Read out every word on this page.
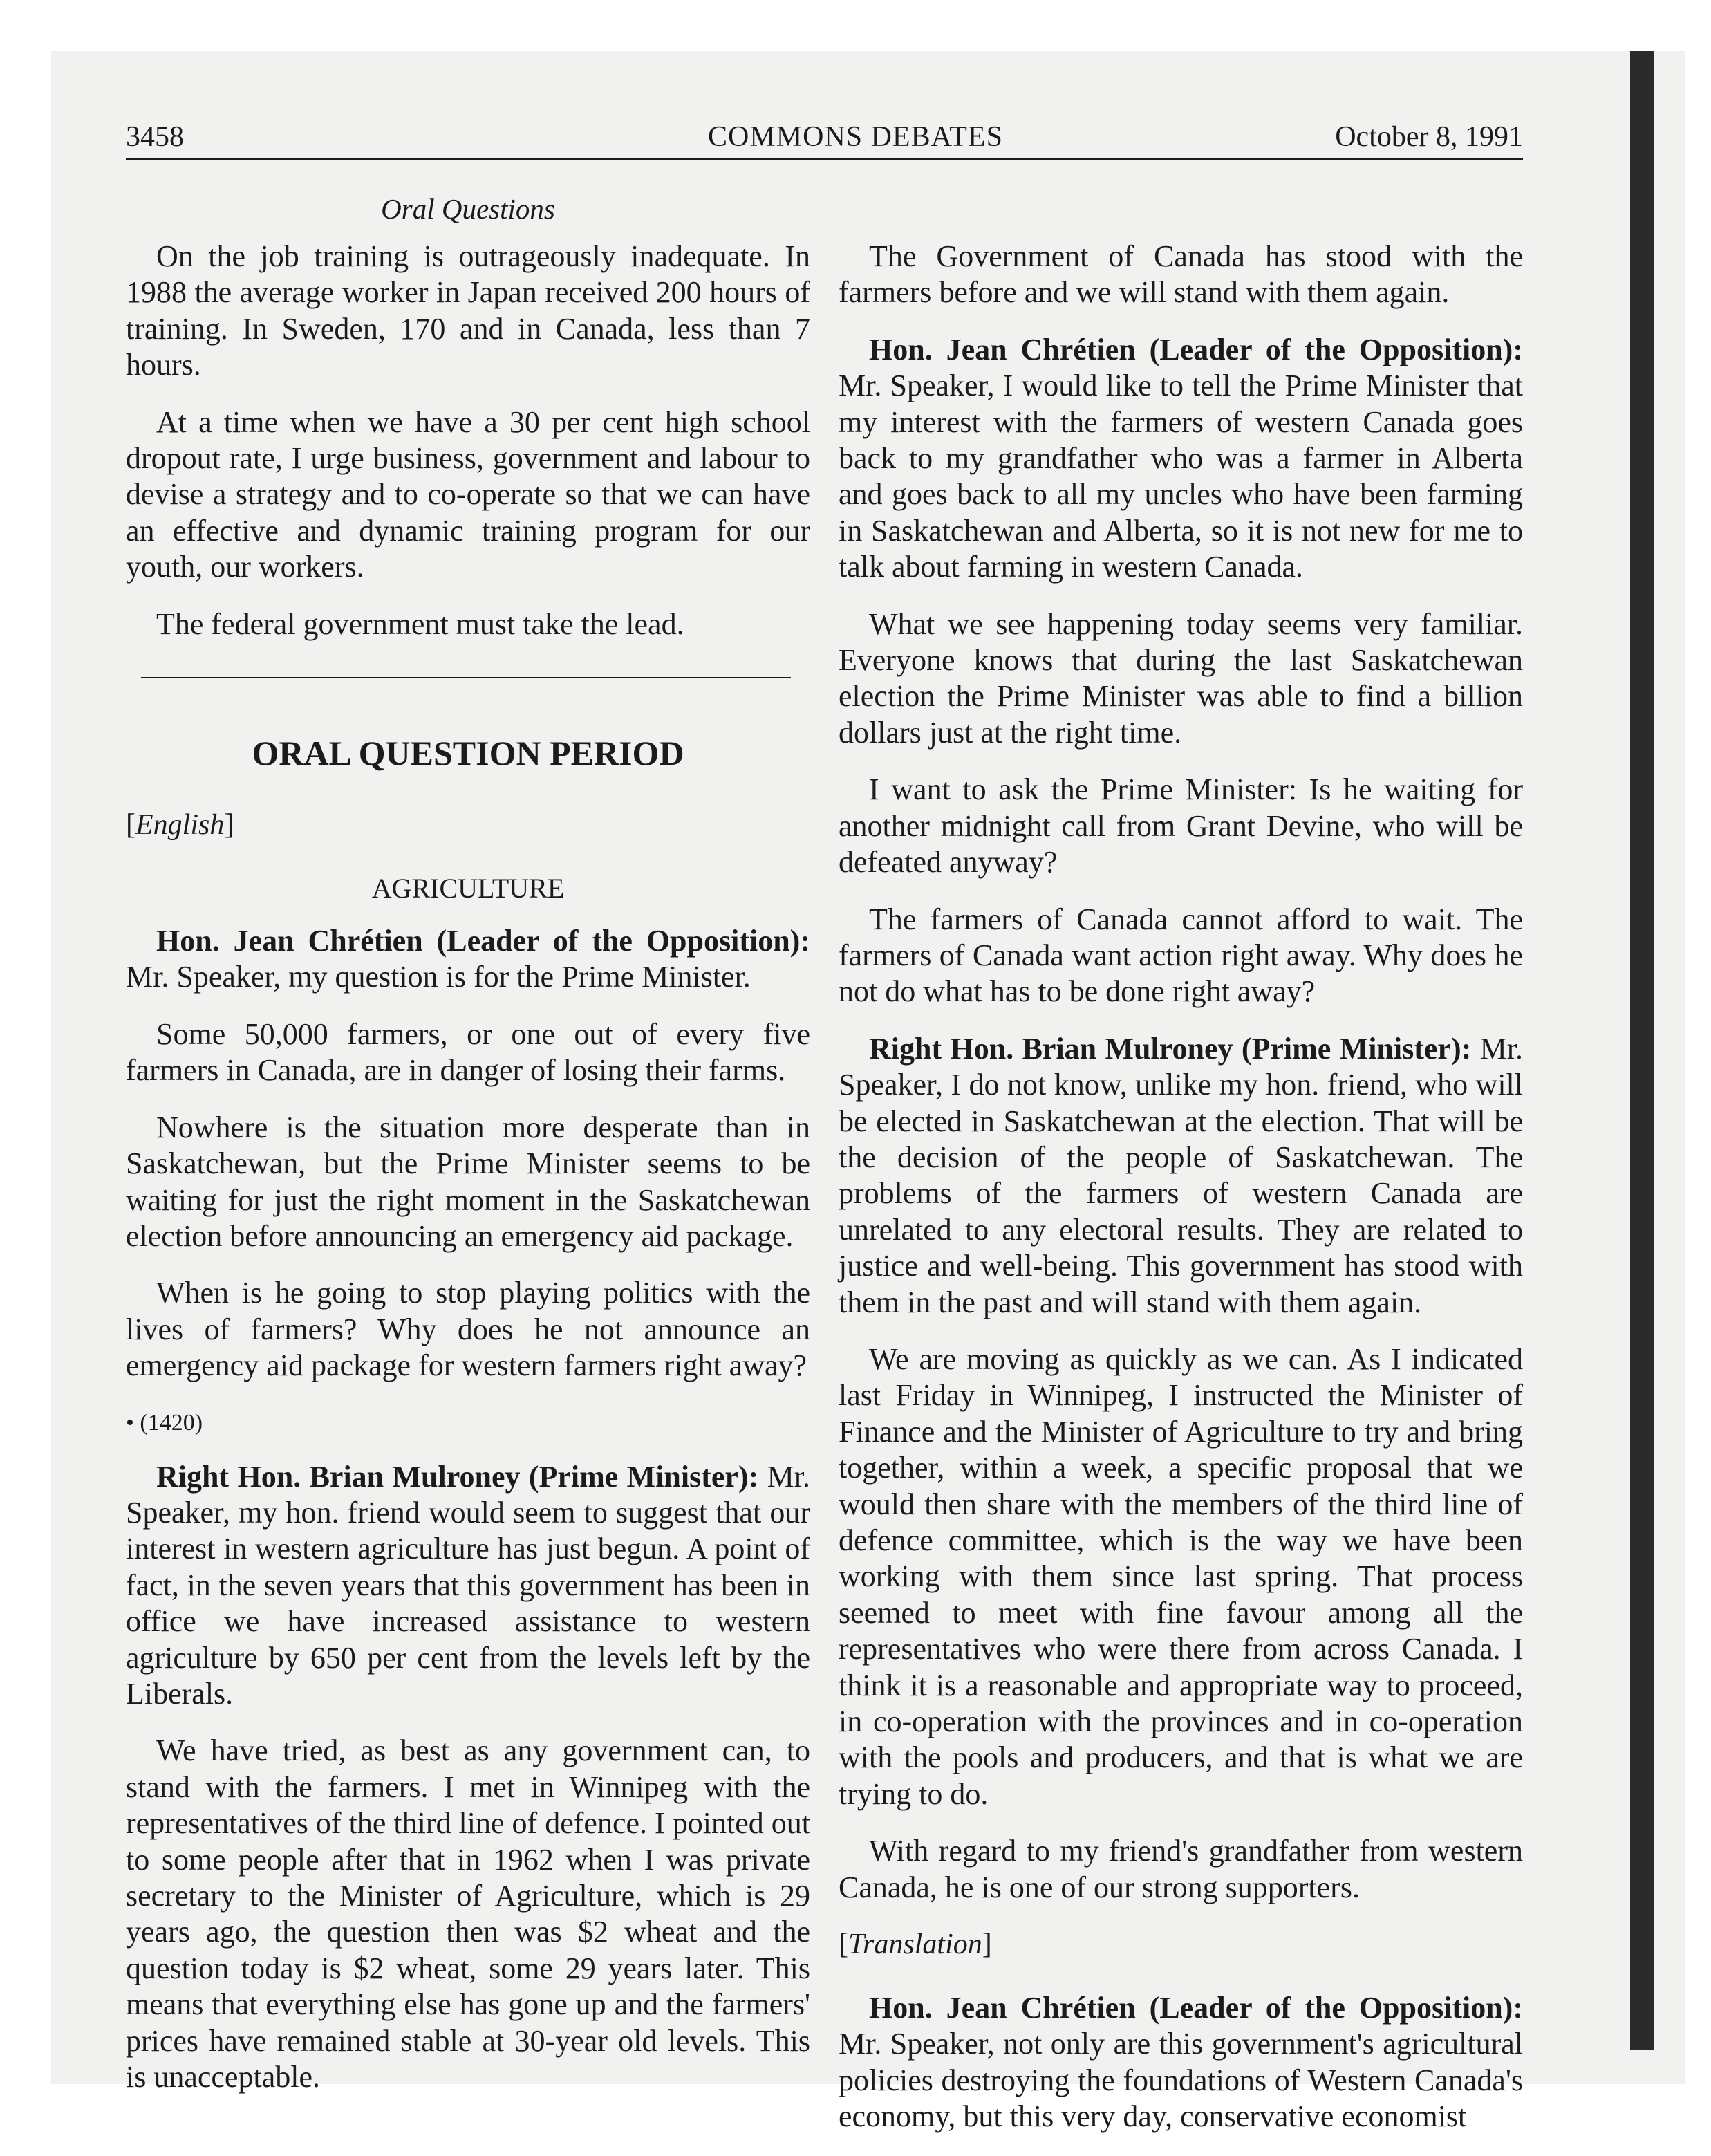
3458	COMMONS DEBATES	October 8, 1991
Oral Questions

On the job training is outrageously inadequate. In 1988 the average worker in Japan received 200 hours of training. In Sweden, 170 and in Canada, less than 7 hours.

At a time when we have a 30 per cent high school dropout rate, I urge business, government and labour to devise a strategy and to co-operate so that we can have an effective and dynamic training program for our youth, our workers.

The federal government must take the lead.

ORAL QUESTION PERIOD
[English]
AGRICULTURE

Hon. Jean Chrétien (Leader of the Opposition): Mr. Speaker, my question is for the Prime Minister.

Some 50,000 farmers, or one out of every five farmers in Canada, are in danger of losing their farms.

Nowhere is the situation more desperate than in Saskatchewan, but the Prime Minister seems to be waiting for just the right moment in the Saskatchewan election before announcing an emergency aid package.

When is he going to stop playing politics with the lives of farmers? Why does he not announce an emergency aid package for western farmers right away?

• (1420)

Right Hon. Brian Mulroney (Prime Minister): Mr. Speaker, my hon. friend would seem to suggest that our interest in western agriculture has just begun. A point of fact, in the seven years that this government has been in office we have increased assistance to western agriculture by 650 per cent from the levels left by the Liberals.

We have tried, as best as any government can, to stand with the farmers. I met in Winnipeg with the representatives of the third line of defence. I pointed out to some people after that in 1962 when I was private secretary to the Minister of Agriculture, which is 29 years ago, the question then was $2 wheat and the question today is $2 wheat, some 29 years later. This means that everything else has gone up and the farmers' prices have remained stable at 30-year old levels. This is unacceptable.

The Government of Canada has stood with the farmers before and we will stand with them again.

Hon. Jean Chrétien (Leader of the Opposition): Mr. Speaker, I would like to tell the Prime Minister that my interest with the farmers of western Canada goes back to my grandfather who was a farmer in Alberta and goes back to all my uncles who have been farming in Saskatchewan and Alberta, so it is not new for me to talk about farming in western Canada.

What we see happening today seems very familiar. Everyone knows that during the last Saskatchewan election the Prime Minister was able to find a billion dollars just at the right time.

I want to ask the Prime Minister: Is he waiting for another midnight call from Grant Devine, who will be defeated anyway?

The farmers of Canada cannot afford to wait. The farmers of Canada want action right away. Why does he not do what has to be done right away?

Right Hon. Brian Mulroney (Prime Minister): Mr. Speaker, I do not know, unlike my hon. friend, who will be elected in Saskatchewan at the election. That will be the decision of the people of Saskatchewan. The problems of the farmers of western Canada are unrelated to any electoral results. They are related to justice and well-being. This government has stood with them in the past and will stand with them again.

We are moving as quickly as we can. As I indicated last Friday in Winnipeg, I instructed the Minister of Finance and the Minister of Agriculture to try and bring together, within a week, a specific proposal that we would then share with the members of the third line of defence committee, which is the way we have been working with them since last spring. That process seemed to meet with fine favour among all the representatives who were there from across Canada. I think it is a reasonable and appropriate way to proceed, in co-operation with the provinces and in co-operation with the pools and producers, and that is what we are trying to do.

With regard to my friend's grandfather from western Canada, he is one of our strong supporters.

[Translation]

Hon. Jean Chrétien (Leader of the Opposition): Mr. Speaker, not only are this government's agricultural policies destroying the foundations of Western Canada's economy, but this very day, conservative economist
